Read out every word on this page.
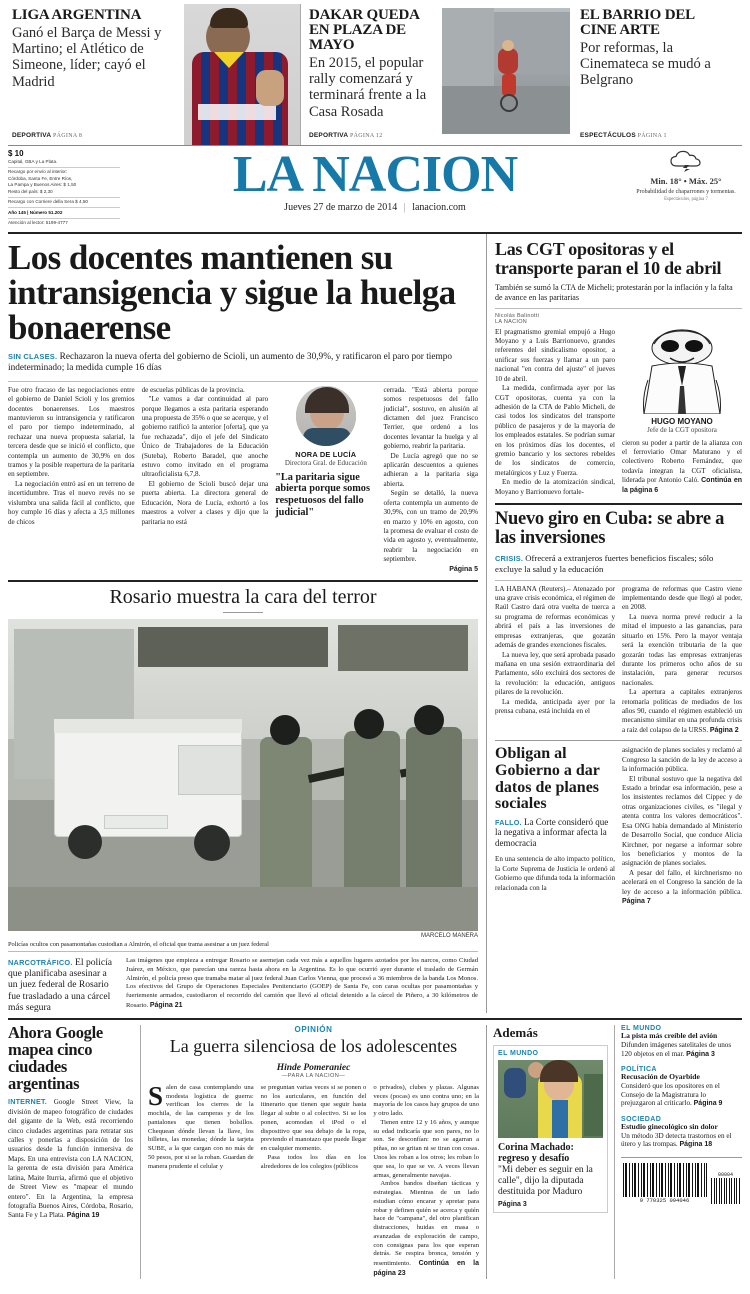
LIGA ARGENTINA
Ganó el Barça de Messi y Martino; el Atlético de Simeone, líder; cayó el Madrid
DEPORTIVA PÁGINA 8
DAKAR QUEDA EN PLAZA DE MAYO
En 2015, el popular rally comenzará y terminará frente a la Casa Rosada
DEPORTIVA PÁGINA 12
EL BARRIO DEL CINE ARTE
Por reformas, la Cinemateca se mudó a Belgrano
ESPECTÁCULOS PÁGINA 1
$ 10
Capital, GBA y La Plata.
Recargo por envío al interior:
Córdoba, Santa Fe, Entre Ríos,
La Pampa y Buenos Aires: $ 1,50
Resto del país: $ 2,30
Recargo con Corriere della Sera $ 4,50
Año 145 | Número 51.202
Atención al lector: 5199-4777
LA NACION
Jueves 27 de marzo de 2014 | lanacion.com
Min. 18° • Máx. 25°
Probabilidad de chaparrones y tormentas.
Espectáculos, página 7
Los docentes mantienen su intransigencia y sigue la huelga bonaerense
SIN CLASES. Rechazaron la nueva oferta del gobierno de Scioli, un aumento de 30,9%, y ratificaron el paro por tiempo indeterminado; la medida cumple 16 días

Fue otro fracaso de las negociaciones entre el gobierno de Daniel Scioli y los gremios docentes bonaerenses. Los maestros mantuvieron su intransigencia y ratificaron el paro por tiempo indeterminado, al rechazar una nueva propuesta salarial, la tercera desde que se inició el conflicto, que contempla un aumento de 30,9% en dos tramos y la posible reapertura de la paritaria en septiembre.

La negociación entró así en un terreno de incertidumbre. Tras el nuevo revés no se vislumbra una salida fácil al conflicto, que hoy cumple 16 días y afecta a 3,5 millones de chicos

de escuelas públicas de la provincia.

"Le vamos a dar continuidad al paro porque llegamos a esta paritaria esperando una propuesta de 35% o que se acerque, y el gobierno ratificó la anterior [oferta], que ya fue rechazada", dijo el jefe del Sindicato Único de Trabajadores de la Educación (Suteba), Roberto Baradel, que anoche estuvo como invitado en el programa ultraoficialista 6,7,8.

El gobierno de Scioli buscó dejar una puerta abierta. La directora general de Educación, Nora de Lucía, exhortó a los maestros a volver a clases y dijo que la paritaria no está

NORA DE LUCÍA
Directora Gral. de Educación
"La paritaria sigue abierta porque somos respetuosos del fallo judicial"

cerrada. "Está abierta porque somos respetuosos del fallo judicial", sostuvo, en alusión al dictamen del juez Francisco Terrier, que ordenó a los docentes levantar la huelga y al gobierno, reabrir la paritaria.

De Lucía agregó que no se aplicarán descuentos a quienes adhieran a la paritaria sigа abierta.

Según se detalló, la nueva oferta contempla un aumento de 30,9%, con un tramo de 20,9% en marzo y 10% en agosto, con la promesa de evaluar el costo de vida en agosto y, eventualmente, reabrir la negociación en septiembre.

Página 5
Rosario muestra la cara del terror
MARCELO MANERA
Policías ocultos con pasamontañas custodian a Almirón, el oficial que trama asesinar a un juez federal
NARCOTRÁFICO. El policía que planificaba asesinar a un juez federal de Rosario fue trasladado a una cárcel más segura
Las imágenes que empieza a entregar Rosario se asemejan cada vez más a aquellos lugares azotados por los narcos, como Ciudad Juárez, en México, que parecían una rareza hasta ahora en la Argentina. Es lo que ocurrió ayer durante el traslado de Germán Almirón, el policía preso que tramaba matar al juez federal Juan Carlos Vienna, que procesó a 36 miembros de la banda Los Monos. Los efectivos del Grupo de Operaciones Especiales Penitenciario (GOEP) de Santa Fe, con caras ocultas por pasamontañas y fuertemente armados, custodiaron el recorrido del camión que llevó al oficial detenido a la cárcel de Piñero, a 30 kilómetros de Rosario. Página 21
Las CGT opositoras y el transporte paran el 10 de abril
También se sumó la CTA de Micheli; protestarán por la inflación y la falta de avance en las paritarias
Nicolás Balinotti
LA NACION

El pragmatismo gremial empujó a Hugo Moyano y a Luis Barrionuevo, grandes referentes del sindicalismo opositor, a unificar sus fuerzas y llamar a un paro nacional "en contra del ajuste" el jueves 10 de abril.

La medida, confirmada ayer por las CGT opositoras, cuenta ya con la adhesión de la CTA de Pablo Micheli, de casi todos los sindicatos del transporte público de pasajeros y de la mayoría de los empleados estatales. Se podrían sumar en los próximos días los docentes, el gremio bancario y los sectores rebeldes de los sindicatos de comercio, metalúrgicos y Luz y Fuerza.

En medio de la atomización sindical, Moyano y Barrionuevo fortale-

HUGO MOYANO
Jefe de la CGT opositora

cieron su poder a partir de la alianza con el ferroviario Omar Maturano y el colectivero Roberto Fernández, que todavía integran la CGT oficialista, liderada por Antonio Caló. Continúa en la página 6

Nuevo giro en Cuba: se abre a las inversiones
CRISIS. Ofrecerá a extranjeros fuertes beneficios fiscales; sólo excluye la salud y la educación

LA HABANA (Reuters).– Atenazado por una grave crisis económica, el régimen de Raúl Castro dará otra vuelta de tuerca a su programa de reformas económicas y abrirá el país a las inversiones de empresas extranjeras, que gozarán además de grandes exenciones fiscales.

La nueva ley, que será aprobada pasado mañana en una sesión extraordinaria del Parlamento, sólo excluirá dos sectores de la revolución: la educación, antiguos pilares de la revolución.

La medida, anticipada ayer por la prensa cubana, está incluida en el

programa de reformas que Castro viene implementando desde que llegó al poder, en 2008.

La nueva norma prevé reducir a la mitad el impuesto a las ganancias, para situarlo en 15%. Pero la mayor ventaja será la exención tributaria de la que gozarán todas las empresas extranjeras durante los primeros ocho años de su instalación, para generar recursos nacionales.

La apertura a capitales extranjeros retomaría políticas de mediados de los años 90, cuando el régimen estableció un mecanismo similar en una profunda crisis a raíz del colapso de la URSS. Página 2

Obligan al Gobierno a dar datos de planes sociales
FALLO. La Corte consideró que la negativa a informar afecta la democracia

En una sentencia de alto impacto político, la Corte Suprema de Justicia le ordenó al Gobierno que difunda toda la información relacionada con la

asignación de planes sociales y reclamó al Congreso la sanción de la ley de acceso a la información pública.

El tribunal sostuvo que la negativa del Estado a brindar esa información, pese a los insistentes reclamos del Cippec y de otras organizaciones civiles, es "ilegal y atenta contra los valores democráticos". Esa ONG había demandado al Ministerio de Desarrollo Social, que conduce Alicia Kirchner, por negarse a informar sobre los beneficiarios y montos de la asignación de planes sociales.

A pesar del fallo, el kirchnerismo no acelerará en el Congreso la sanción de la ley de acceso a la información pública. Página 7

Ahora Google mapea cinco ciudades argentinas

INTERNET. Google Street View, la división de mapeo fotográfico de ciudades del gigante de la Web, está recorriendo cinco ciudades argentinas para retratar sus calles y ponerlas a disposición de los usuarios desde la función inmersiva de Maps. En una entrevista con LA NACION, la gerenta de esta división para América latina, Maite Iturria, afirmó que el objetivo de Street View es "mapear el mundo entero". En la Argentina, la empresa fotografía Buenos Aires, Córdoba, Rosario, Santa Fe y La Plata. Página 19

OPINIÓN
La guerra silenciosa de los adolescentes
Hinde Pomeraniec
—PARA LA NACION—
Salen de casa contemplando una modesta logística de guerra: verifican los cierres de la mochila, de las camperas y de los pantalones que tienen bolsillos. Chequean dónde llevan la llave, los billetes, las monedas; dónde la tarjeta SUBE, a la que cargan con no más de 50 pesos, por si se la roban. Guardan de manera prudente el celular y
se preguntan varias veces si se ponen o no los auriculares, en función del itinerario que tienen que seguir hasta llegar al subte o al colectivo. Si se los ponen, acomodan el iPod o el dispositivo que sea debajo de la ropa, previendo el manotazo que puede llegar en cualquier momento.
Pasa todos los días en los alrededores de los colegios (públicos
o privados), clubes y plazas. Algunas veces (pocas) es uno contra uno; en la mayoría de los casos hay grupos de uno y otro lado.
Tienen entre 12 y 16 años, y aunque su edad indicaría que son pares, no lo son. Se desconfían: no se agarran a piñas, no se gritan ni se tiran con cosas. Unos les roban a los otros; les roban lo que sea, lo que se ve. A veces llevan armas, generalmente navajas.
Ambos bandos diseñan tácticas y estrategias. Mientras de un lado estudian cómo encarar y apretar para robar y definen quién se acerca y quién hace de "campana", del otro planifican distracciones, huidas en masa o avanzadas de exploración de campo, con consignas para los que esperan detrás. Se respira bronca, tensión y resentimiento. Continúa en la página 23
Además
EL MUNDO
Corina Machado: regreso y desafío
"Mi deber es seguir en la calle", dijo la diputada destituida por Maduro
Página 3
EL MUNDO
La pista más creíble del avión
Difunden imágenes satelitales de unos 120 objetos en el mar. Página 3
POLÍTICA
Recusación de Oyarbide
Consideró que los opositores en el Consejo de la Magistratura lo prejuzgaron al criticarlo. Página 9
SOCIEDAD
Estudio ginecológico sin dolor
Un método 3D detecta trastornos en el útero y las trompas. Página 18
9 770325 094046
00004
